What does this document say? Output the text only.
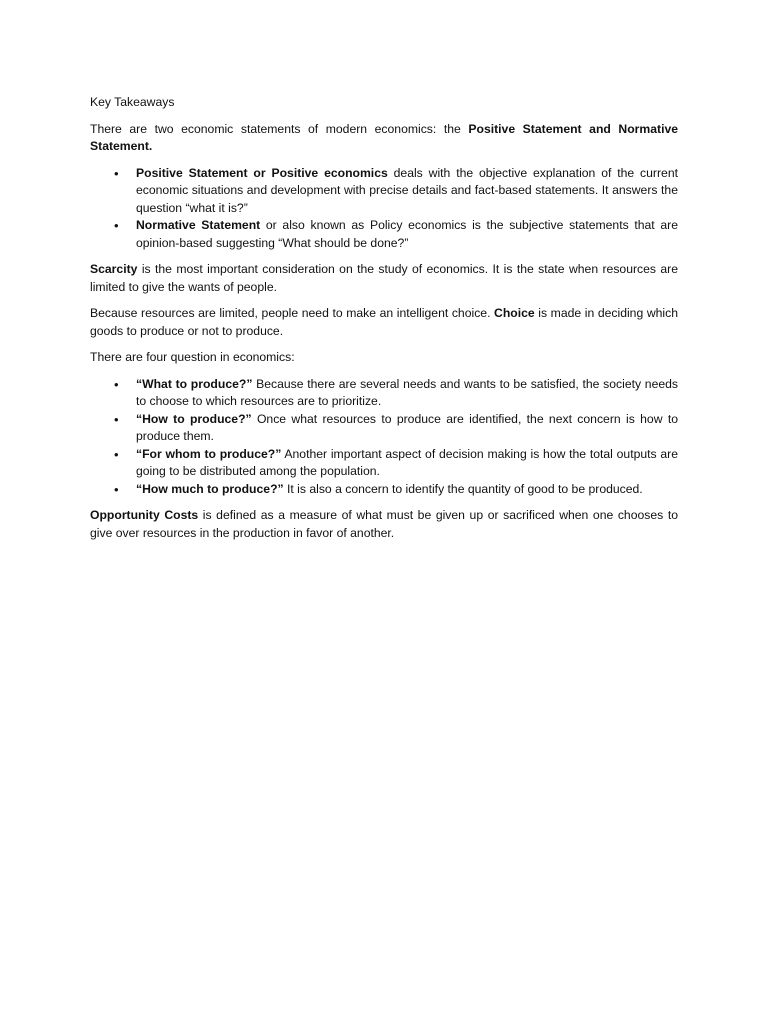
Key Takeaways

There are two economic statements of modern economics: the Positive Statement and Normative Statement.

• Positive Statement or Positive economics deals with the objective explanation of the current economic situations and development with precise details and fact-based statements. It answers the question “what it is?”
• Normative Statement or also known as Policy economics is the subjective statements that are opinion-based suggesting “What should be done?”

Scarcity is the most important consideration on the study of economics. It is the state when resources are limited to give the wants of people.

Because resources are limited, people need to make an intelligent choice. Choice is made in deciding which goods to produce or not to produce.

There are four question in economics:

• “What to produce?” Because there are several needs and wants to be satisfied, the society needs to choose to which resources are to prioritize.
• “How to produce?” Once what resources to produce are identified, the next concern is how to produce them.
• “For whom to produce?” Another important aspect of decision making is how the total outputs are going to be distributed among the population.
• “How much to produce?” It is also a concern to identify the quantity of good to be produced.

Opportunity Costs is defined as a measure of what must be given up or sacrificed when one chooses to give over resources in the production in favor of another.
